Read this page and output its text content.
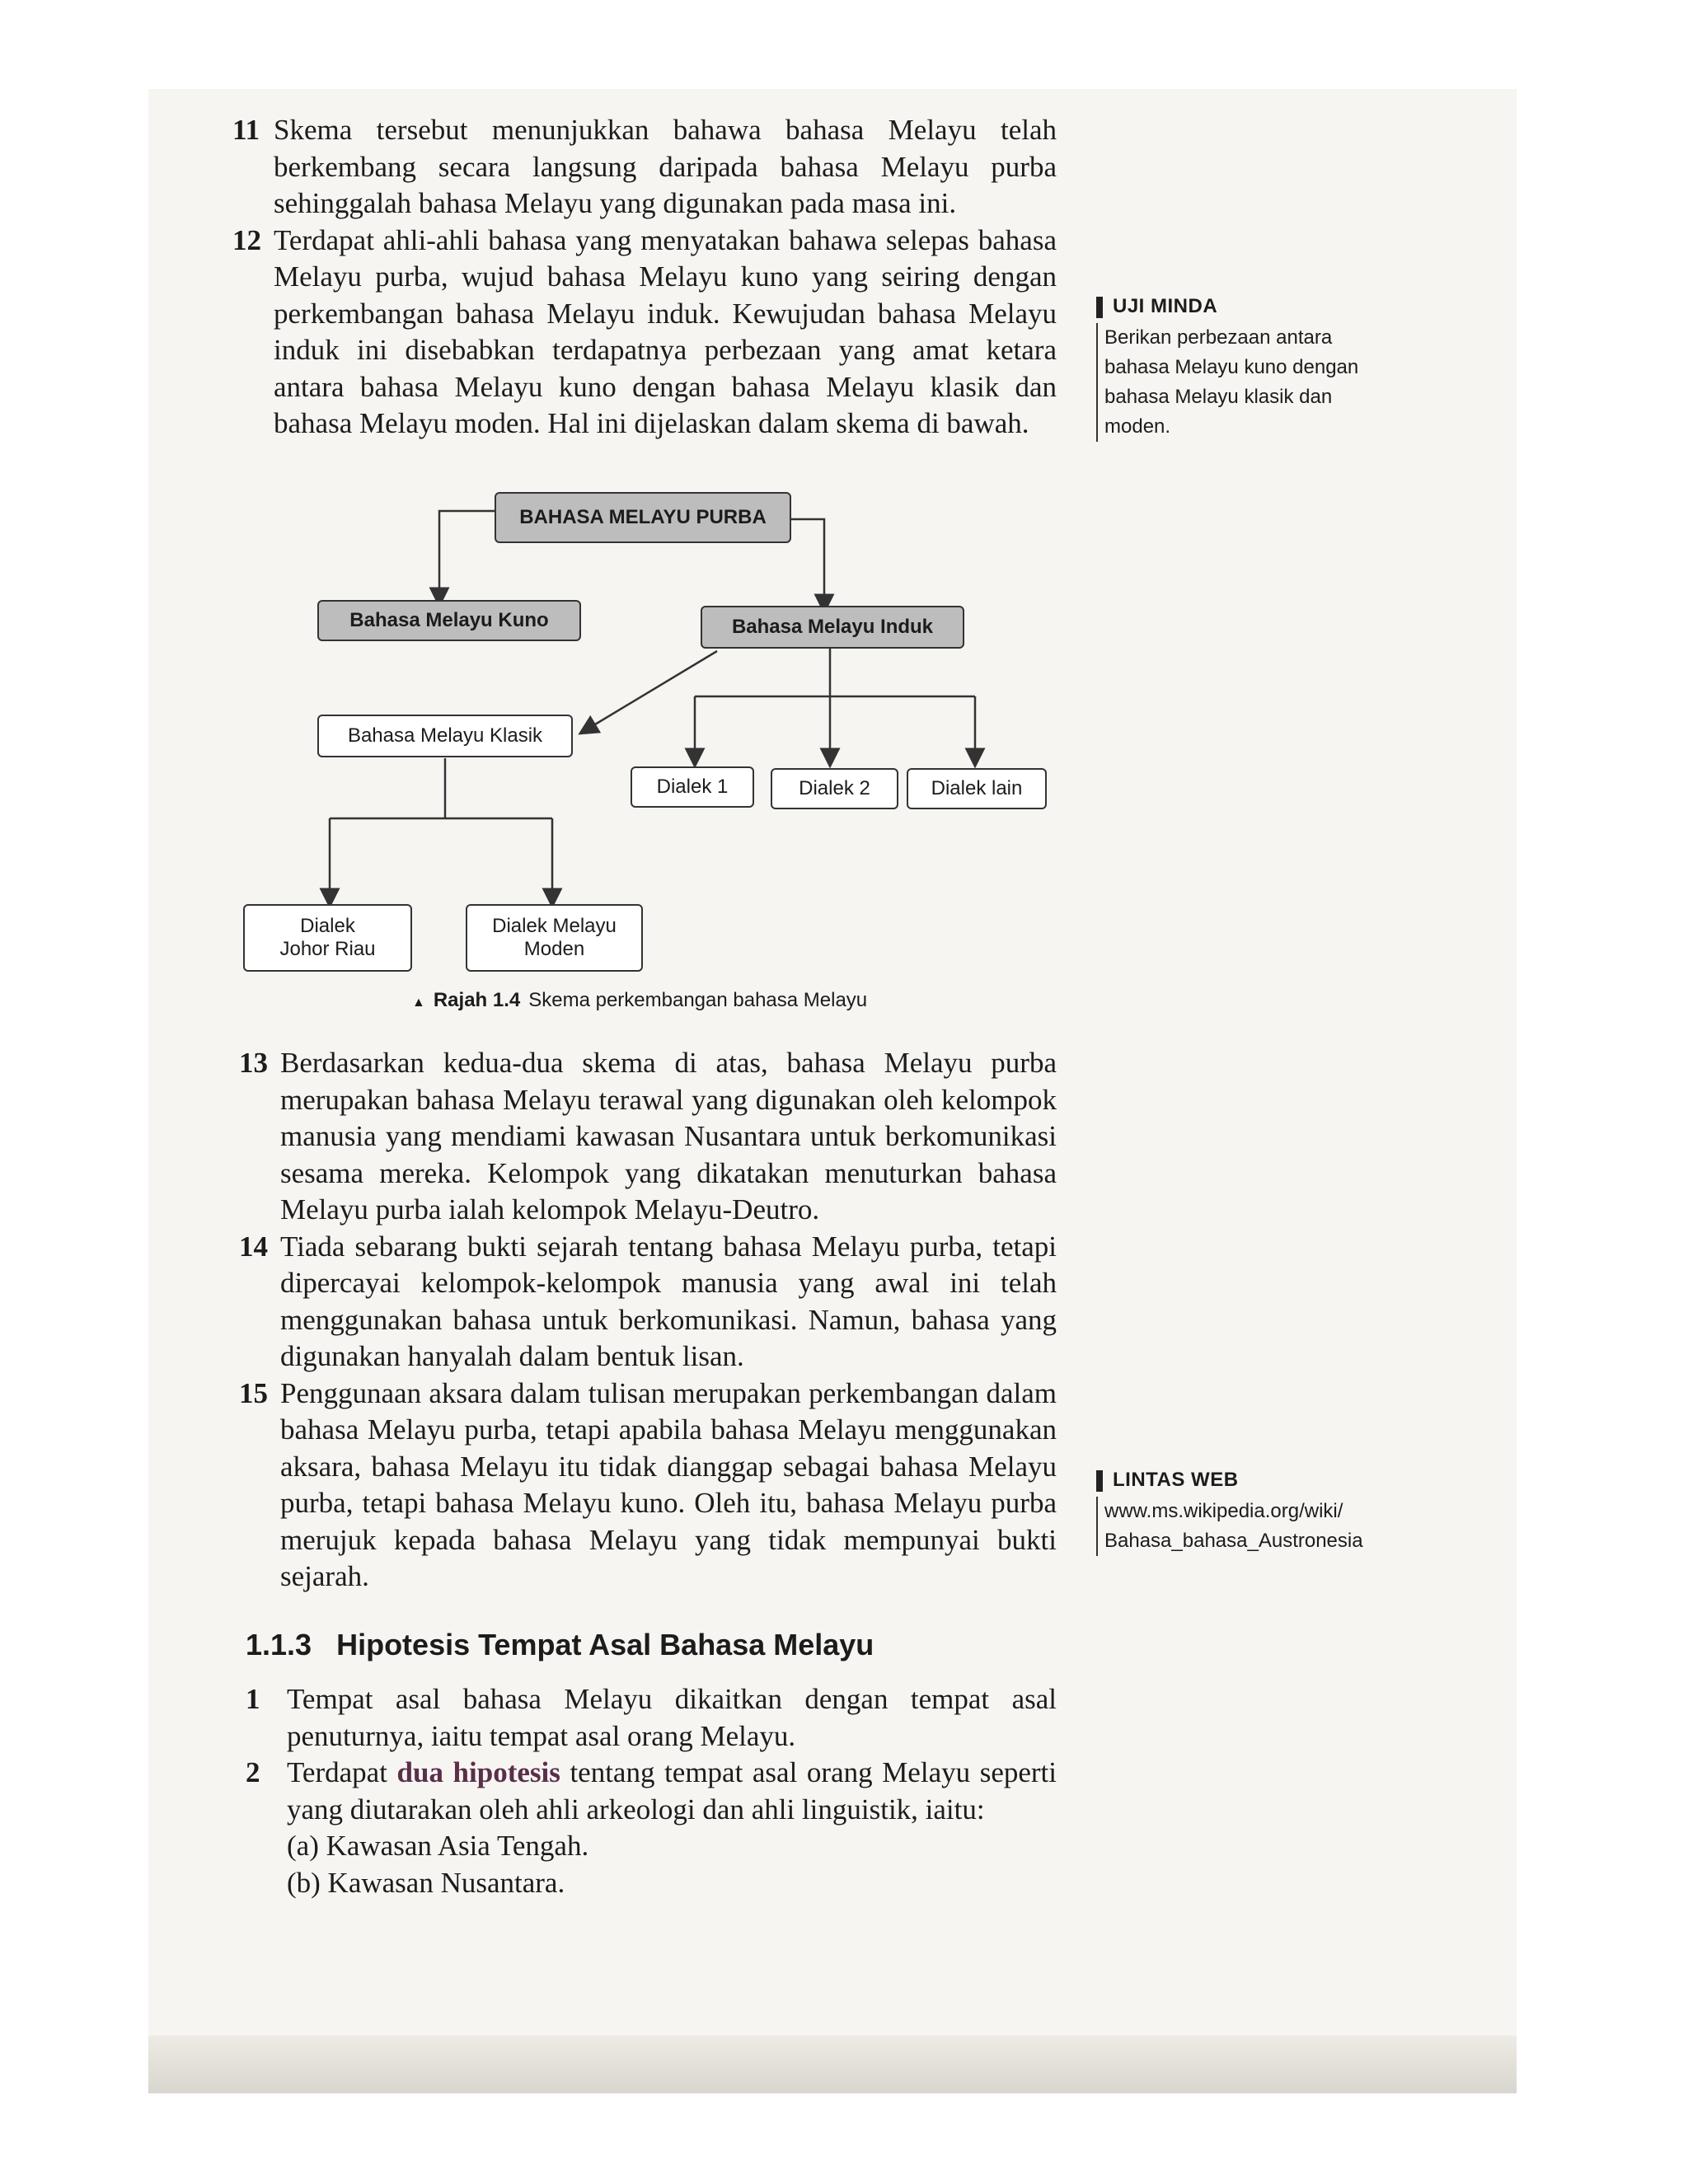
11 Skema tersebut menunjukkan bahawa bahasa Melayu telah berkembang secara langsung daripada bahasa Melayu purba sehinggalah bahasa Melayu yang digunakan pada masa ini.
12 Terdapat ahli-ahli bahasa yang menyatakan bahawa selepas bahasa Melayu purba, wujud bahasa Melayu kuno yang seiring dengan perkembangan bahasa Melayu induk. Kewujudan bahasa Melayu induk ini disebabkan terdapatnya perbezaan yang amat ketara antara bahasa Melayu kuno dengan bahasa Melayu klasik dan bahasa Melayu moden. Hal ini dijelaskan dalam skema di bawah.
UJI MINDA
Berikan perbezaan antara bahasa Melayu kuno dengan bahasa Melayu klasik dan moden.
BAHASA MELAYU PURBA
Bahasa Melayu Kuno	Bahasa Melayu Induk
Bahasa Melayu Klasik
Dialek 1	Dialek 2	Dialek lain
Dialek
Johor Riau
Dialek Melayu
Moden
▲ Rajah 1.4 Skema perkembangan bahasa Melayu
13 Berdasarkan kedua-dua skema di atas, bahasa Melayu purba merupakan bahasa Melayu terawal yang digunakan oleh kelompok manusia yang mendiami kawasan Nusantara untuk berkomunikasi sesama mereka. Kelompok yang dikatakan menuturkan bahasa Melayu purba ialah kelompok Melayu-Deutro.
14 Tiada sebarang bukti sejarah tentang bahasa Melayu purba, tetapi dipercayai kelompok-kelompok manusia yang awal ini telah menggunakan bahasa untuk berkomunikasi. Namun, bahasa yang digunakan hanyalah dalam bentuk lisan.
15 Penggunaan aksara dalam tulisan merupakan perkembangan dalam bahasa Melayu purba, tetapi apabila bahasa Melayu menggunakan aksara, bahasa Melayu itu tidak dianggap sebagai bahasa Melayu purba, tetapi bahasa Melayu kuno. Oleh itu, bahasa Melayu purba merujuk kepada bahasa Melayu yang tidak mempunyai bukti sejarah.
LINTAS WEB
www.ms.wikipedia.org/wiki/
Bahasa_bahasa_Austronesia
1.1.3 Hipotesis Tempat Asal Bahasa Melayu
1 Tempat asal bahasa Melayu dikaitkan dengan tempat asal penuturnya, iaitu tempat asal orang Melayu.
2 Terdapat dua hipotesis tentang tempat asal orang Melayu seperti yang diutarakan oleh ahli arkeologi dan ahli linguistik, iaitu:
(a) Kawasan Asia Tengah.
(b) Kawasan Nusantara.
